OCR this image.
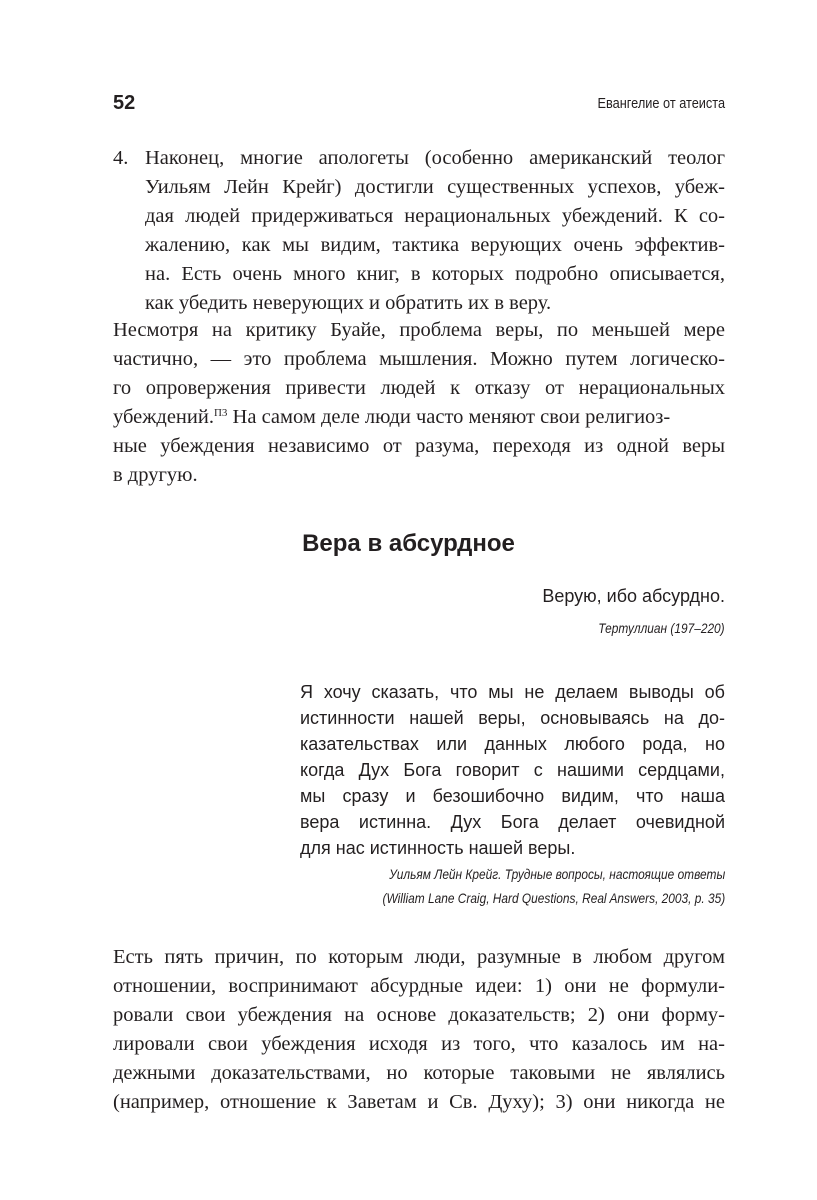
52	Евангелие от атеиста
4. Наконец, многие апологеты (особенно американский теолог
Уильям Лейн Крейг) достигли существенных успехов, убеж-
дая людей придерживаться нерациональных убеждений. К со-
жалению, как мы видим, тактика верующих очень эффектив-
на. Есть очень много книг, в которых подробно описывается,
как убедить неверующих и обратить их в веру.
Несмотря на критику Буайе, проблема веры, по меньшей мере
частично, — это проблема мышления. Можно путем логическо-
го опровержения привести людей к отказу от нерациональных
убеждений.$^{П3}$ На самом деле люди часто меняют свои религиоз-
ные убеждения независимо от разума, переходя из одной веры
в другую.
Вера в абсурдное
Верую, ибо абсурдно.
Тертуллиан (197–220)
Я хочу сказать, что мы не делаем выводы об
истинности нашей веры, основываясь на до-
казательствах или данных любого рода, но
когда Дух Бога говорит с нашими сердцами,
мы сразу и безошибочно видим, что наша
вера истинна. Дух Бога делает очевидной
для нас истинность нашей веры.
Уильям Лейн Крейг. Трудные вопросы, настоящие ответы
(William Lane Craig, Hard Questions, Real Answers, 2003, p. 35)
Есть пять причин, по которым люди, разумные в любом другом
отношении, воспринимают абсурдные идеи: 1) они не формули-
ровали свои убеждения на основе доказательств; 2) они форму-
лировали свои убеждения исходя из того, что казалось им на-
дежными доказательствами, но которые таковыми не являлись
(например, отношение к Заветам и Св. Духу); 3) они никогда не
